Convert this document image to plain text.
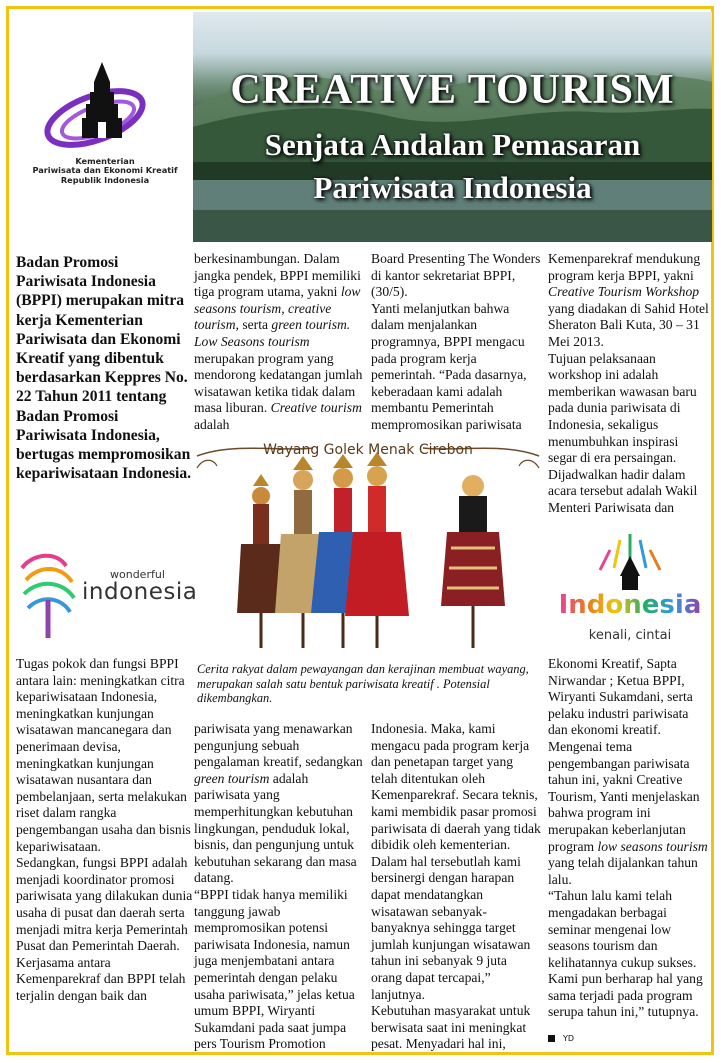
CREATIVE TOURISM
Senjata Andalan Pemasaran
Pariwisata Indonesia
Kementerian
Pariwisata dan Ekonomi Kreatif
Republik Indonesia
Badan Promosi Pariwisata Indonesia (BPPI) merupakan mitra kerja Kementerian Pariwisata dan Ekonomi Kreatif yang dibentuk berdasarkan Keppres No. 22 Tahun 2011 tentang Badan Promosi Pariwisata Indonesia, bertugas mempromosikan kepariwisataan Indonesia.

berkesinambungan. Dalam jangka pendek, BPPI memiliki tiga program utama, yakni low seasons tourism, creative tourism, serta green tourism. Low Seasons tourism merupakan program yang mendorong kedatangan jumlah wisatawan ketika tidak dalam masa liburan. Creative tourism adalah

Board Presenting The Wonders di kantor sekretariat BPPI, (30/5).

Yanti melanjutkan bahwa dalam menjalankan programnya, BPPI mengacu pada program kerja pemerintah. “Pada dasarnya, keberadaan kami adalah membantu Pemerintah mempromosikan pariwisata

Kemenparekraf mendukung program kerja BPPI, yakni Creative Tourism Workshop yang diadakan di Sahid Hotel Sheraton Bali Kuta, 30 – 31 Mei 2013.

Tujuan pelaksanaan workshop ini adalah memberikan wawasan baru pada dunia pariwisata di Indonesia, sekaligus menumbuhkan inspirasi segar di era persaingan.

Dijadwalkan hadir dalam acara tersebut adalah Wakil Menteri Pariwisata dan

Wayang Golek Menak Cirebon
Cerita rakyat dalam pewayangan dan kerajinan membuat wayang, merupakan salah satu bentuk pariwisata kreatif . Potensial dikembangkan.
wonderful
indonesia	Indonesia
kenali, cintai

Tugas pokok dan fungsi BPPI antara lain: meningkatkan citra kepariwisataan Indonesia, meningkatkan kunjungan wisatawan mancanegara dan penerimaan devisa, meningkatkan kunjungan wisatawan nusantara dan pembelanjaan, serta melakukan riset dalam rangka pengembangan usaha dan bisnis kepariwisataan.

Sedangkan, fungsi BPPI adalah menjadi koordinator promosi pariwisata yang dilakukan dunia usaha di pusat dan daerah serta menjadi mitra kerja Pemerintah Pusat dan Pemerintah Daerah.

Kerjasama antara Kemenparekraf dan BPPI telah terjalin dengan baik dan

pariwisata yang menawarkan pengunjung sebuah pengalaman kreatif, sedangkan green tourism adalah pariwisata yang memperhitungkan kebutuhan lingkungan, penduduk lokal, bisnis, dan pengunjung untuk kebutuhan sekarang dan masa datang.

“BPPI tidak hanya memiliki tanggung jawab mempromosikan potensi pariwisata Indonesia, namun juga menjembatani antara pemerintah dengan pelaku usaha pariwisata,” jelas ketua umum BPPI, Wiryanti Sukamdani pada saat jumpa pers Tourism Promotion

Indonesia. Maka, kami mengacu pada program kerja dan penetapan target yang telah ditentukan oleh Kemenparekraf. Secara teknis, kami membidik pasar promosi pariwisata di daerah yang tidak dibidik oleh kementerian. Dalam hal tersebutlah kami bersinergi dengan harapan dapat mendatangkan wisatawan sebanyak-banyaknya sehingga target jumlah kunjungan wisatawan tahun ini sebanyak 9 juta orang dapat tercapai,” lanjutnya.

Kebutuhan masyarakat untuk berwisata saat ini meningkat pesat. Menyadari hal ini,

Ekonomi Kreatif, Sapta Nirwandar ; Ketua BPPI, Wiryanti Sukamdani, serta pelaku industri pariwisata dan ekonomi kreatif.

Mengenai tema pengembangan pariwisata tahun ini, yakni Creative Tourism, Yanti menjelaskan bahwa program ini merupakan keberlanjutan program low seasons tourism yang telah dijalankan tahun lalu.

“Tahun lalu kami telah mengadakan berbagai seminar mengenai low seasons tourism dan kelihatannya cukup sukses. Kami pun berharap hal yang sama terjadi pada program serupa tahun ini,” tutupnya.

YD
